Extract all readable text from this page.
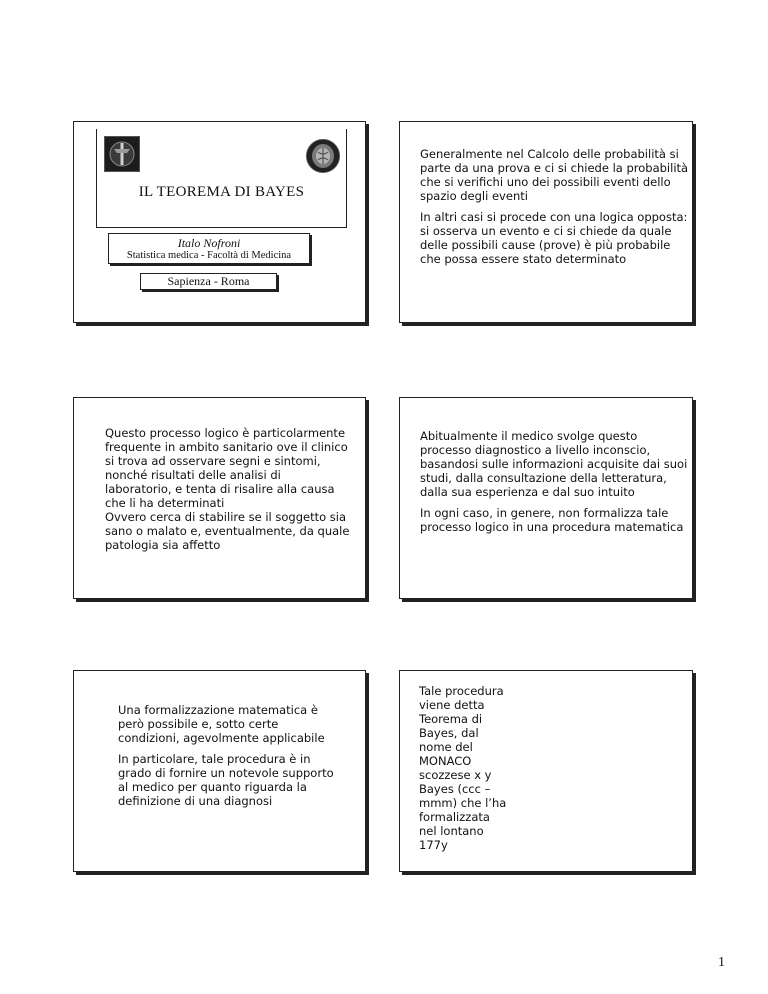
IL TEOREMA DI BAYES
Italo Nofroni
Statistica medica - Facoltà di Medicina
Sapienza - Roma

Generalmente nel Calcolo delle probabilità si parte da una prova e ci si chiede la probabilità che si verifichi uno dei possibili eventi dello spazio degli eventi

In altri casi si procede con una logica opposta: si osserva un evento e ci si chiede da quale delle possibili cause (prove) è più probabile che possa essere stato determinato

Questo processo logico è particolarmente frequente in ambito sanitario ove il clinico si trova ad osservare segni e sintomi, nonché risultati delle analisi di laboratorio, e tenta di risalire alla causa che li ha determinati

Ovvero cerca di stabilire se il soggetto sia sano o malato e, eventualmente, da quale patologia sia affetto

Abitualmente il medico svolge questo processo diagnostico a livello inconscio, basandosi sulle informazioni acquisite dai suoi studi, dalla consultazione della letteratura, dalla sua esperienza e dal suo intuito

In ogni caso, in genere, non formalizza tale processo logico in una procedura matematica

Una formalizzazione matematica è però possibile e, sotto certe condizioni, agevolmente applicabile

In particolare, tale procedura è in grado di fornire un notevole supporto al medico per quanto riguarda la definizione di una diagnosi

Tale procedura viene detta Teorema di Bayes, dal nome del MONACO scozzese x y Bayes (ccc – mmm) che l’ha formalizzata nel lontano 177y

1
